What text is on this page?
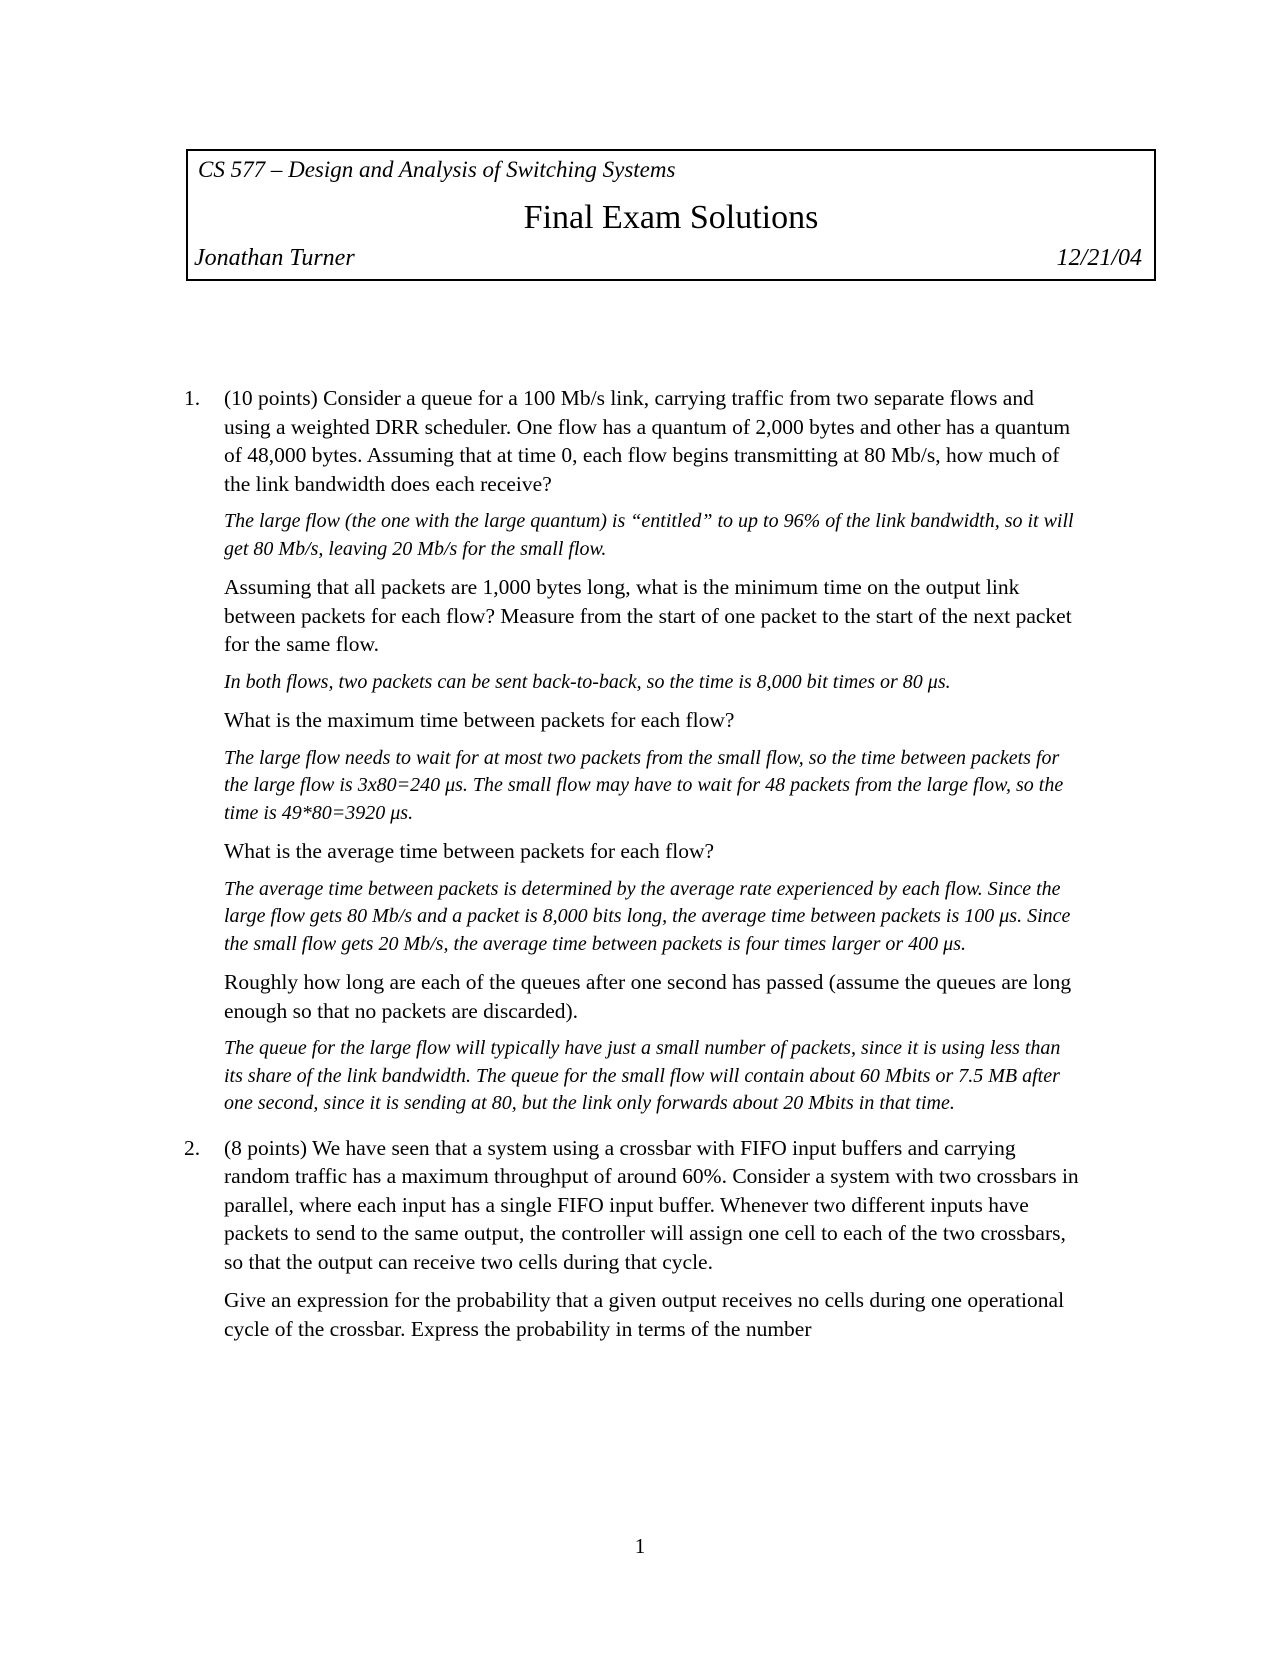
CS 577 – Design and Analysis of Switching Systems
Final Exam Solutions
Jonathan Turner	12/21/04
1. (10 points) Consider a queue for a 100 Mb/s link, carrying traffic from two separate flows and using a weighted DRR scheduler. One flow has a quantum of 2,000 bytes and other has a quantum of 48,000 bytes. Assuming that at time 0, each flow begins transmitting at 80 Mb/s, how much of the link bandwidth does each receive?

The large flow (the one with the large quantum) is “entitled” to up to 96% of the link bandwidth, so it will get 80 Mb/s, leaving 20 Mb/s for the small flow.

Assuming that all packets are 1,000 bytes long, what is the minimum time on the output link between packets for each flow? Measure from the start of one packet to the start of the next packet for the same flow.

In both flows, two packets can be sent back-to-back, so the time is 8,000 bit times or 80 μs.

What is the maximum time between packets for each flow?

The large flow needs to wait for at most two packets from the small flow, so the time between packets for the large flow is 3x80=240 μs. The small flow may have to wait for 48 packets from the large flow, so the time is 49*80=3920 μs.

What is the average time between packets for each flow?

The average time between packets is determined by the average rate experienced by each flow. Since the large flow gets 80 Mb/s and a packet is 8,000 bits long, the average time between packets is 100 μs. Since the small flow gets 20 Mb/s, the average time between packets is four times larger or 400 μs.

Roughly how long are each of the queues after one second has passed (assume the queues are long enough so that no packets are discarded).

The queue for the large flow will typically have just a small number of packets, since it is using less than its share of the link bandwidth. The queue for the small flow will contain about 60 Mbits or 7.5 MB after one second, since it is sending at 80, but the link only forwards about 20 Mbits in that time.

2. (8 points) We have seen that a system using a crossbar with FIFO input buffers and carrying random traffic has a maximum throughput of around 60%. Consider a system with two crossbars in parallel, where each input has a single FIFO input buffer. Whenever two different inputs have packets to send to the same output, the controller will assign one cell to each of the two crossbars, so that the output can receive two cells during that cycle.

Give an expression for the probability that a given output receives no cells during one operational cycle of the crossbar. Express the probability in terms of the number

1
